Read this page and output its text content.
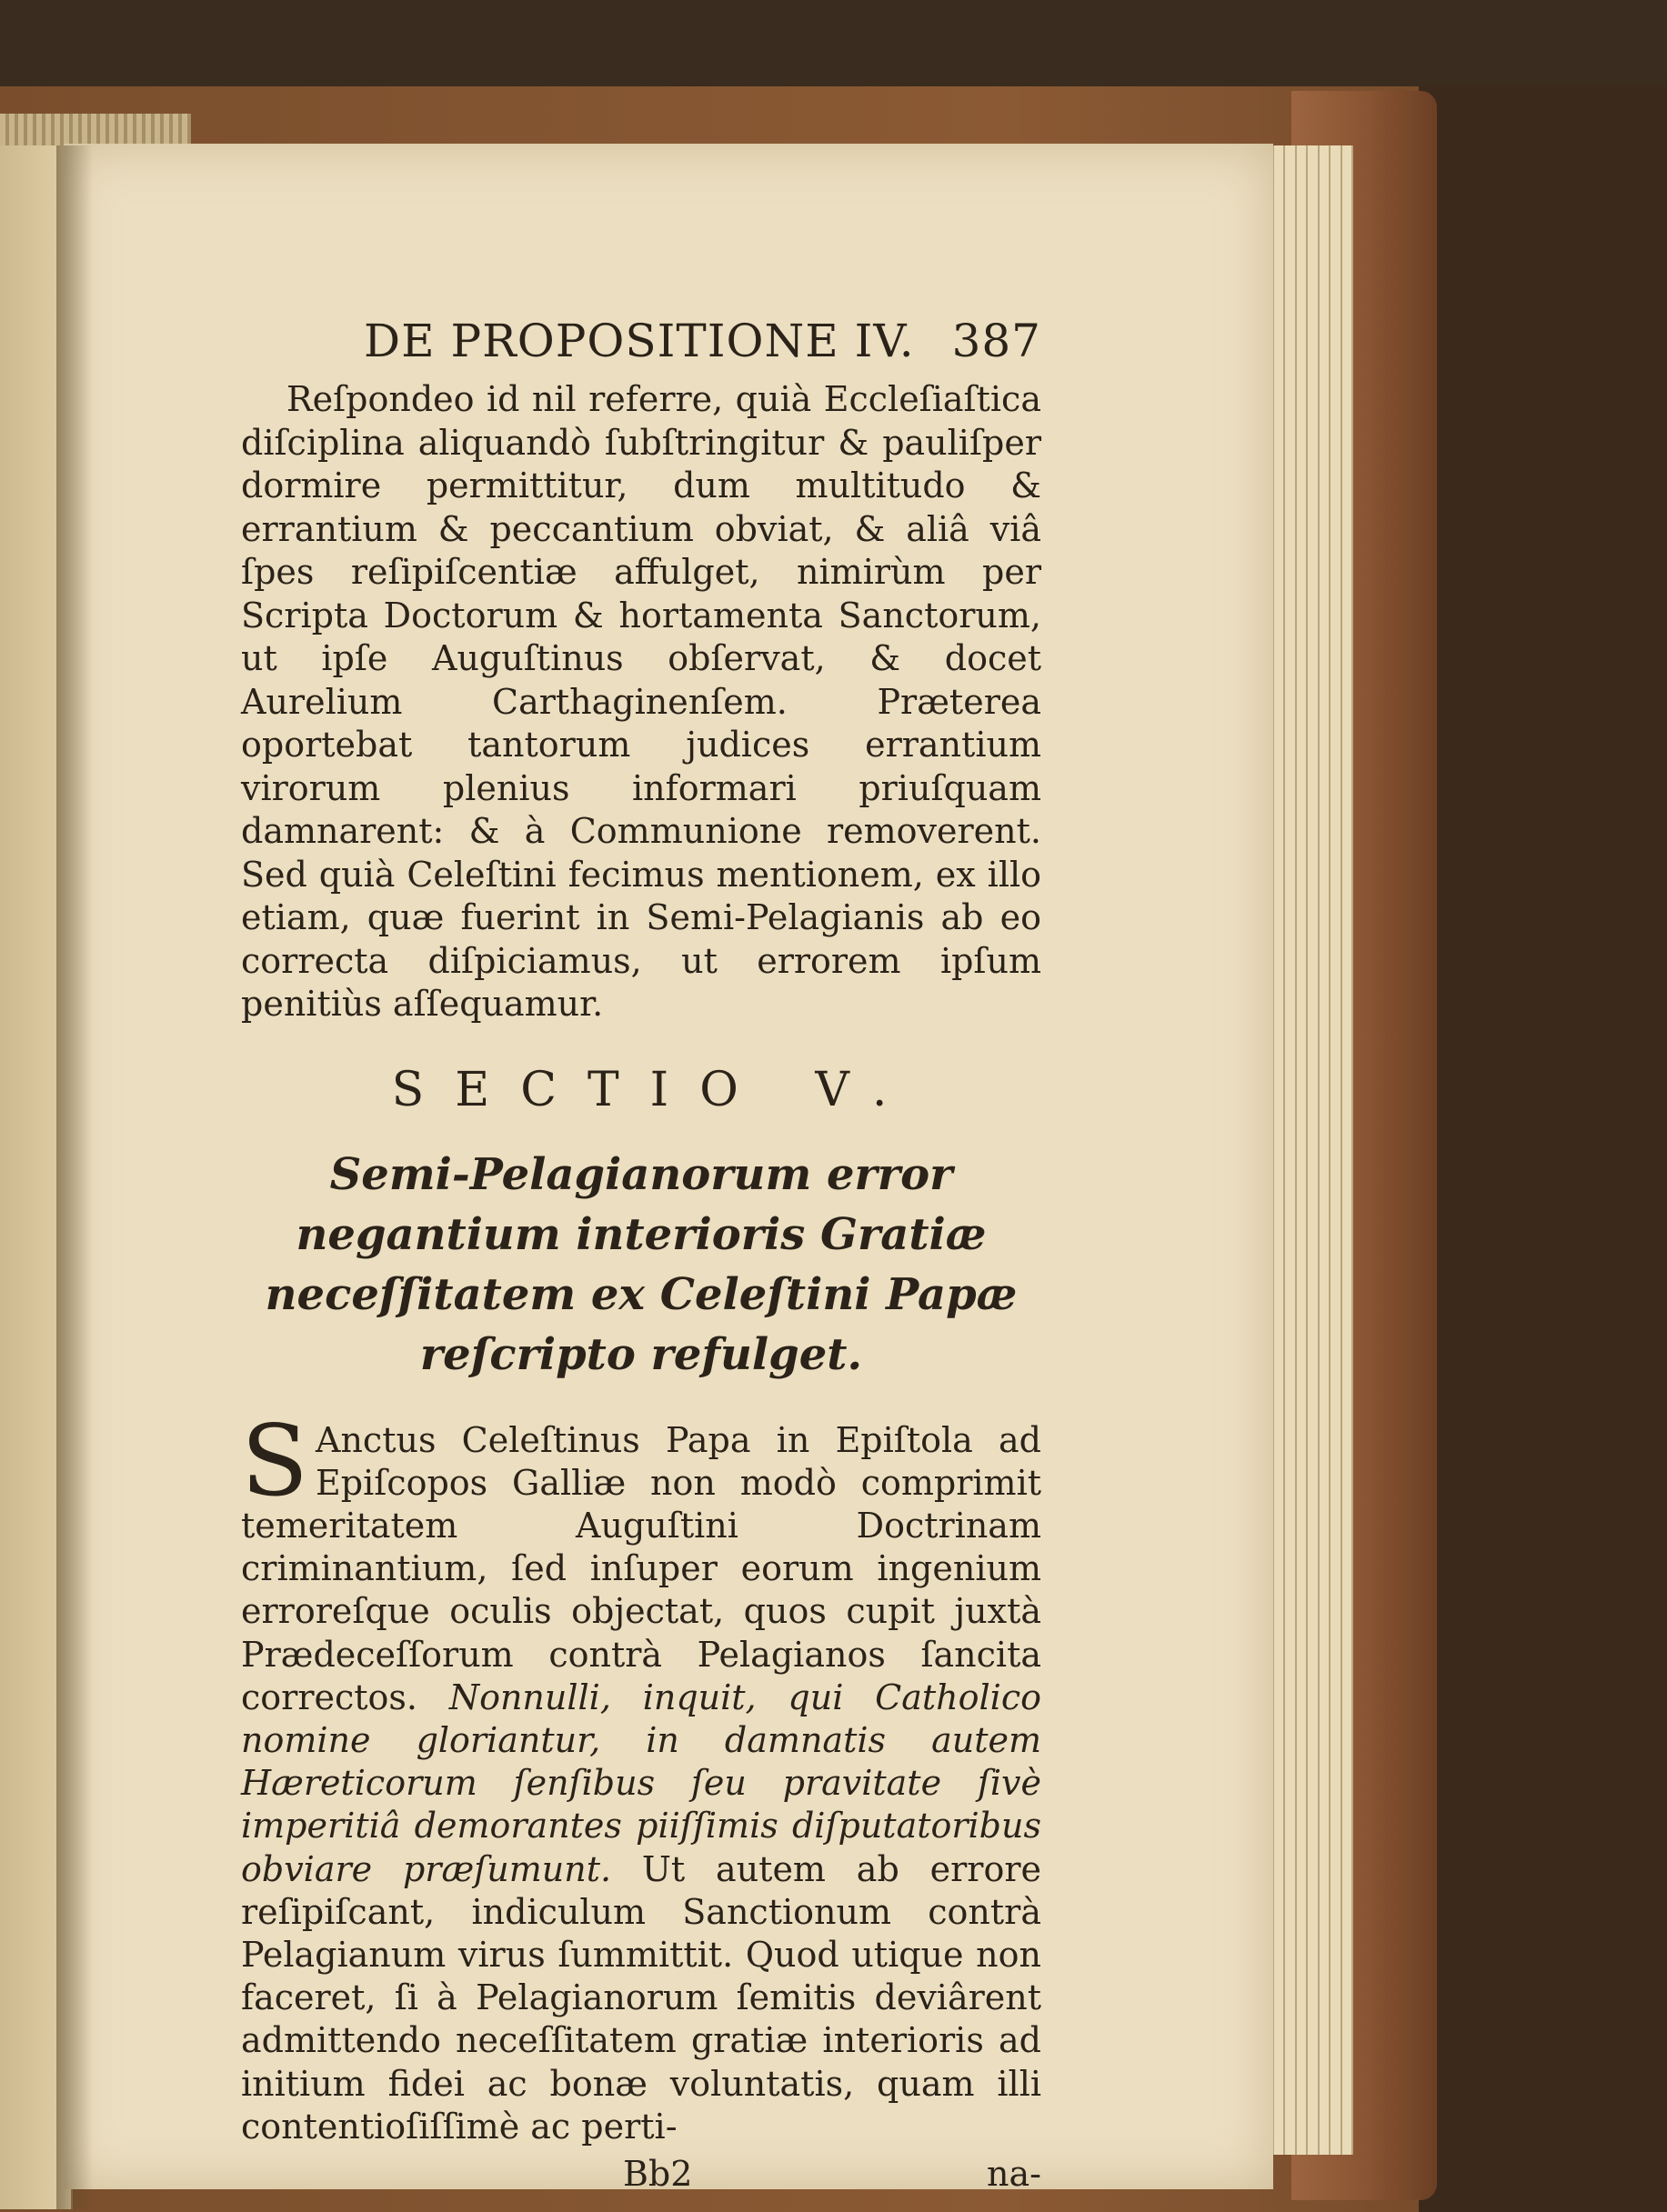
DE PROPOSITIONE IV. 387

Reſpondeo id nil referre, quià Eccleſiaſtica diſciplina aliquandò ſubſtringitur & pauliſper dormire permittitur, dum multitudo & errantium & peccantium obviat, & aliâ viâ ſpes reſipiſcentiæ affulget, nimirùm per Scripta Doctorum & hortamenta Sanctorum, ut ipſe Auguſtinus obſervat, & docet Aurelium Carthaginenſem. Præterea oportebat tantorum judices errantium virorum plenius informari priuſquam damnarent: & à Communione removerent. Sed quià Celeſtini fecimus mentionem, ex illo etiam, quæ fuerint in Semi-Pelagianis ab eo correcta diſpiciamus, ut errorem ipſum penitiùs aſſequamur.

SECTIO V.

Semi-Pelagianorum error negantium interioris Gratiæ neceſſitatem ex Celeſtini Papæ reſcripto refulget.

S Anctus Celeſtinus Papa in Epiſtola ad Epiſcopos Galliæ non modò comprimit temeritatem Auguſtini Doctrinam criminantium, ſed inſuper eorum ingenium erroreſque oculis objectat, quos cupit juxtà Prædeceſſorum contrà Pelagianos ſancita correctos. Nonnulli, inquit, qui Catholico nomine gloriantur, in damnatis autem Hæreticorum ſenſibus ſeu pravitate ſivè imperitiâ demorantes piiſſimis diſputatoribus obviare præſumunt. Ut autem ab errore reſipiſcant, indiculum Sanctionum contrà Pelagianum virus ſummittit. Quod utique non faceret, ſi à Pelagianorum ſemitis deviârent admittendo neceſſitatem gratiæ interioris ad initium fidei ac bonæ voluntatis, quam illi contentioſiſſimè ac perti-

Bb2	na-
